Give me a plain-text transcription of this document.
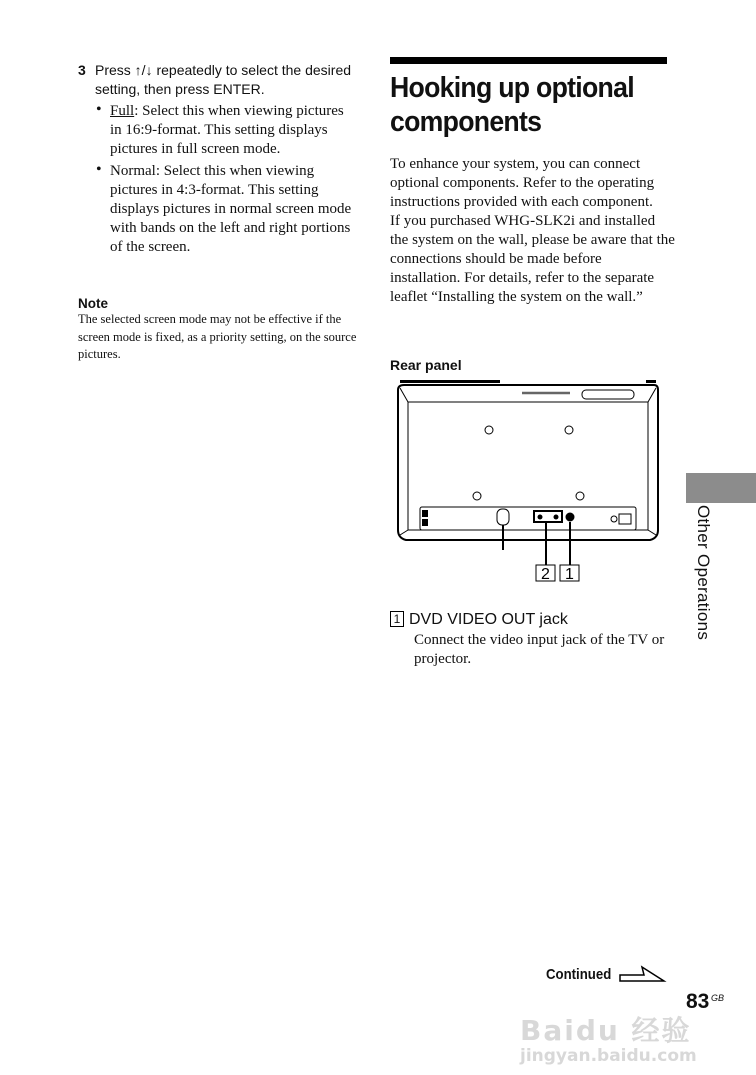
3 Press ↑/↓ repeatedly to select the desired setting, then press ENTER.
• Full: Select this when viewing pictures in 16:9-format. This setting displays pictures in full screen mode.
• Normal: Select this when viewing pictures in 4:3-format. This setting displays pictures in normal screen mode with bands on the left and right portions of the screen.
Note
The selected screen mode may not be effective if the screen mode is fixed, as a priority setting, on the source pictures.
Hooking up optional components
To enhance your system, you can connect optional components. Refer to the operating instructions provided with each component.
If you purchased WHG-SLK2i and installed the system on the wall, please be aware that the connections should be made before installation. For details, refer to the separate leaflet “Installing the system on the wall.”
Rear panel
2 1
1 DVD VIDEO OUT jack
Connect the video input jack of the TV or projector.
Other Operations
Continued
83 GB
Baidu 经验
jingyan.baidu.com
